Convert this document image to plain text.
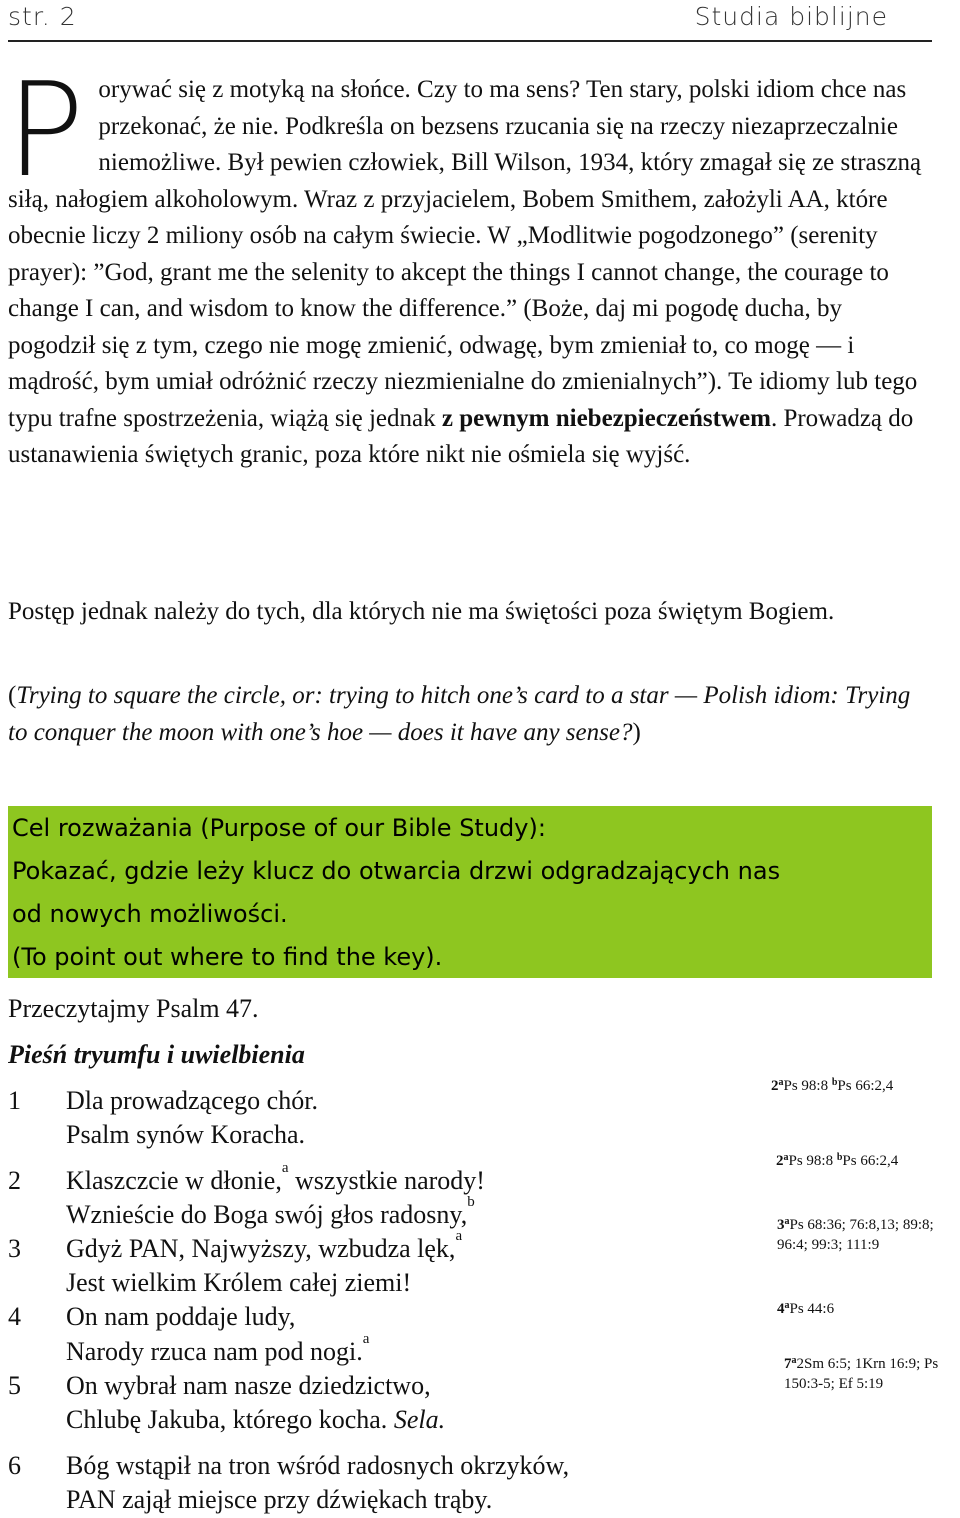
str. 2	Studia biblijne
Porywać się z motyką na słońce. Czy to ma sens? Ten stary, polski idiom chce nas przekonać, że nie. Podkreśla on bezsens rzucania się na rzeczy niezaprzeczalnie niemożliwe. Był pewien człowiek, Bill Wilson, 1934, który zmagał się ze straszną siłą, nałogiem alkoholowym. Wraz z przyjacielem, Bobem Smithem, założyli AA, które obecnie liczy 2 miliony osób na całym świecie. W „Modlitwie pogodzonego” (serenity prayer): ”God, grant me the selenity to akcept the things I cannot change, the courage to change I can, and wisdom to know the difference.” (Boże, daj mi pogodę ducha, by pogodził się z tym, czego nie mogę zmienić, odwagę, bym zmieniał to, co mogę — i mądrość, bym umiał odróżnić rzeczy niezmienialne do zmienialnych”). Te idiomy lub tego typu trafne spostrzeżenia, wiążą się jednak z pewnym niebezpieczeństwem. Prowadzą do ustanawienia świętych granic, poza które nikt nie ośmiela się wyjść.
Postęp jednak należy do tych, dla których nie ma świętości poza świętym Bogiem.
(Trying to square the circle, or: trying to hitch one’s card to a star — Polish idiom: Trying to conquer the moon with one’s hoe — does it have any sense?)
Cel rozważania (Purpose of our Bible Study):
Pokazać, gdzie leży klucz do otwarcia drzwi odgradzających nas
od nowych możliwości.
(To point out where to find the key).
Przeczytajmy Psalm 47.
Pieśń tryumfu i uwielbienia
1 Dla prowadzącego chór.
Psalm synów Koracha.
2 Klaszczcie w dłonie,$^a$ wszystkie narody!
Wznieście do Boga swój głos radosny,$^b$
3 Gdyż PAN, Najwyższy, wzbudza lęk,$^a$
Jest wielkim Królem całej ziemi!
4 On nam poddaje ludy,
Narody rzuca nam pod nogi.$^a$
5 On wybrał nam nasze dziedzictwo,
Chlubę Jakuba, którego kocha. Sela.
6 Bóg wstąpił na tron wśród radosnych okrzyków,
PAN zajął miejsce przy dźwiękach trąby.
2$^a$Ps 98:8 $^b$Ps 66:2,4
2$^a$Ps 98:8 $^b$Ps 66:2,4
3$^a$Ps 68:36; 76:8,13; 89:8; 96:4; 99:3; 111:9
4$^a$Ps 44:6
7$^a$2Sm 6:5; 1Krn 16:9; Ps 150:3-5; Ef 5:19
